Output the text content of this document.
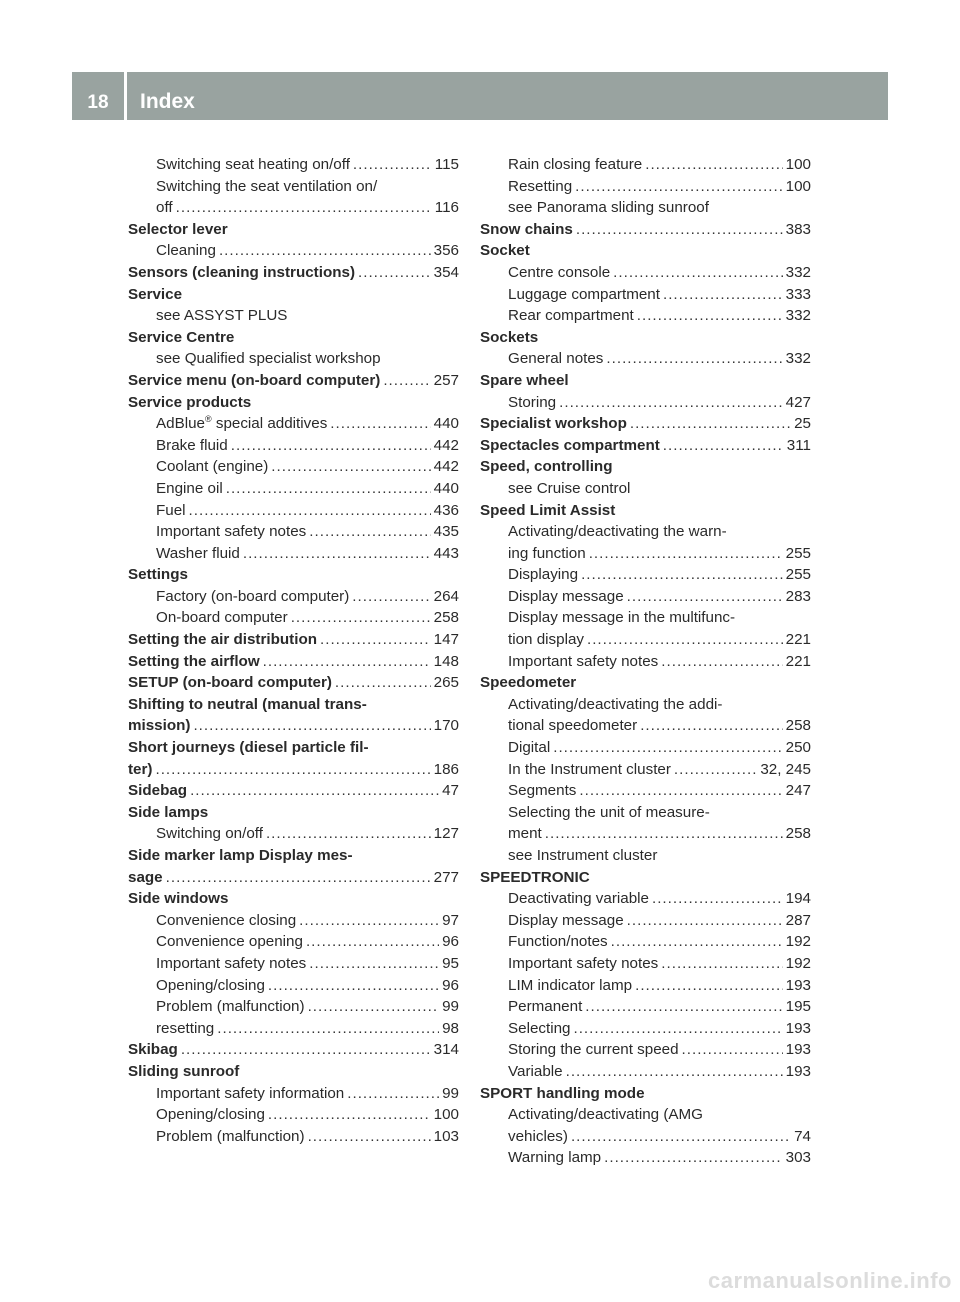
18	Index
Switching seat heating on/off .....	115
Switching the seat ventilation on/
off .....	116
Selector lever
Cleaning .....	356
Sensors (cleaning instructions) .....	354
Service
see ASSYST PLUS
Service Centre
see Qualified specialist workshop
Service menu (on-board computer) .....	257
Service products
AdBlue® special additives .....	440
Brake fluid .....	442
Coolant (engine) .....	442
Engine oil .....	440
Fuel .....	436
Important safety notes .....	435
Washer fluid .....	443
Settings
Factory (on-board computer) .....	264
On-board computer .....	258
Setting the air distribution .....	147
Setting the airflow .....	148
SETUP (on-board computer) .....	265
Shifting to neutral (manual trans-
mission) .....	170
Short journeys (diesel particle fil-
ter) .....	186
Sidebag .....	47
Side lamps
Switching on/off .....	127
Side marker lamp Display mes-
sage .....	277
Side windows
Convenience closing .....	97
Convenience opening .....	96
Important safety notes .....	95
Opening/closing .....	96
Problem (malfunction) .....	99
resetting .....	98
Skibag .....	314
Sliding sunroof
Important safety information .....	99
Opening/closing .....	100
Problem (malfunction) .....	103
Rain closing feature .....	100
Resetting .....	100
see Panorama sliding sunroof
Snow chains .....	383
Socket
Centre console .....	332
Luggage compartment .....	333
Rear compartment .....	332
Sockets
General notes .....	332
Spare wheel
Storing .....	427
Specialist workshop .....	25
Spectacles compartment .....	311
Speed, controlling
see Cruise control
Speed Limit Assist
Activating/deactivating the warn-
ing function .....	255
Displaying .....	255
Display message .....	283
Display message in the multifunc-
tion display .....	221
Important safety notes .....	221
Speedometer
Activating/deactivating the addi-
tional speedometer .....	258
Digital .....	250
In the Instrument cluster .....	32, 245
Segments .....	247
Selecting the unit of measure-
ment .....	258
see Instrument cluster
SPEEDTRONIC
Deactivating variable .....	194
Display message .....	287
Function/notes .....	192
Important safety notes .....	192
LIM indicator lamp .....	193
Permanent .....	195
Selecting .....	193
Storing the current speed .....	193
Variable .....	193
SPORT handling mode
Activating/deactivating (AMG
vehicles) .....	74
Warning lamp .....	303
carmanualsonline.info
